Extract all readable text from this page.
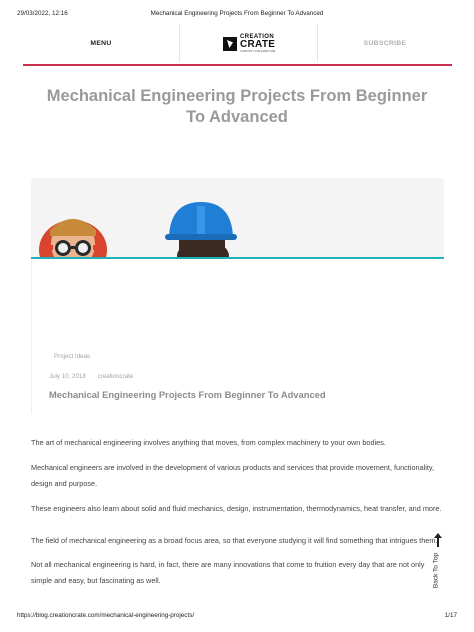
29/03/2022, 12:16	Mechanical Engineering Projects From Beginner To Advanced
MENU
CREATION
CRATE
CURIOSITY FOR EVERYONE
SUBSCRIBE
Mechanical Engineering Projects From Beginner To Advanced
Project Ideas
July 10, 2018 creationcrate
Mechanical Engineering Projects From Beginner To Advanced

The art of mechanical engineering involves anything that moves, from complex machinery to your own bodies.

Mechanical engineers are involved in the development of various products and services that provide movement, functionality, design and purpose.

These engineers also learn about solid and fluid mechanics, design, instrumentation, thermodynamics, heat transfer, and more.

The field of mechanical engineering as a broad focus area, so that everyone studying it will find something that intrigues them.

Not all mechanical engineering is hard, in fact, there are many innovations that come to fruition every day that are not only simple and easy, but fascinating as well.	Back To Top
https://blog.creationcrate.com/mechanical-engineering-projects/	1/17
